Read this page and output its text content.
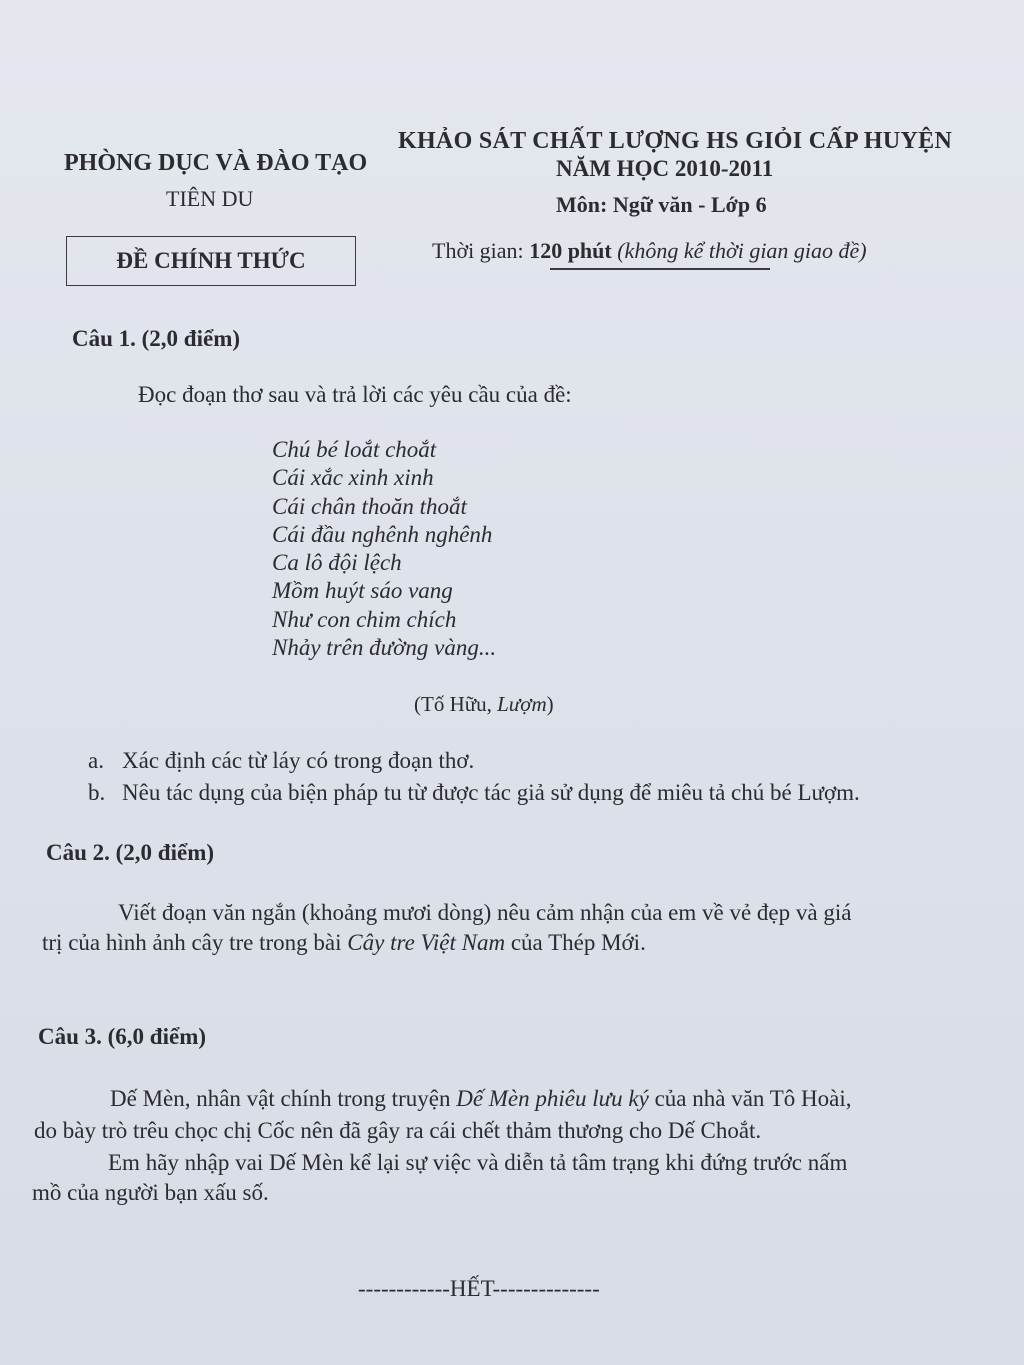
PHÒNG DỤC VÀ ĐÀO TẠO
TIÊN DU
ĐỀ CHÍNH THỨC
KHẢO SÁT CHẤT LƯỢNG HS GIỎI CẤP HUYỆN
NĂM HỌC 2010-2011
Môn: Ngữ văn - Lớp 6
Thời gian: 120 phút (không kể thời gian giao đề)
Câu 1. (2,0 điểm)
Đọc đoạn thơ sau và trả lời các yêu cầu của đề:
Chú bé loắt choắt
Cái xắc xinh xinh
Cái chân thoăn thoắt
Cái đầu nghênh nghênh
Ca lô đội lệch
Mồm huýt sáo vang
Như con chim chích
Nhảy trên đường vàng...
(Tố Hữu, Lượm)
a. Xác định các từ láy có trong đoạn thơ.
b. Nêu tác dụng của biện pháp tu từ được tác giả sử dụng để miêu tả chú bé Lượm.
Câu 2. (2,0 điểm)
Viết đoạn văn ngắn (khoảng mươi dòng) nêu cảm nhận của em về vẻ đẹp và giá
trị của hình ảnh cây tre trong bài Cây tre Việt Nam của Thép Mới.
Câu 3. (6,0 điểm)
Dế Mèn, nhân vật chính trong truyện Dế Mèn phiêu lưu ký của nhà văn Tô Hoài,
do bày trò trêu chọc chị Cốc nên đã gây ra cái chết thảm thương cho Dế Choắt.
Em hãy nhập vai Dế Mèn kể lại sự việc và diễn tả tâm trạng khi đứng trước nấm
mồ của người bạn xấu số.
------------HẾT--------------
